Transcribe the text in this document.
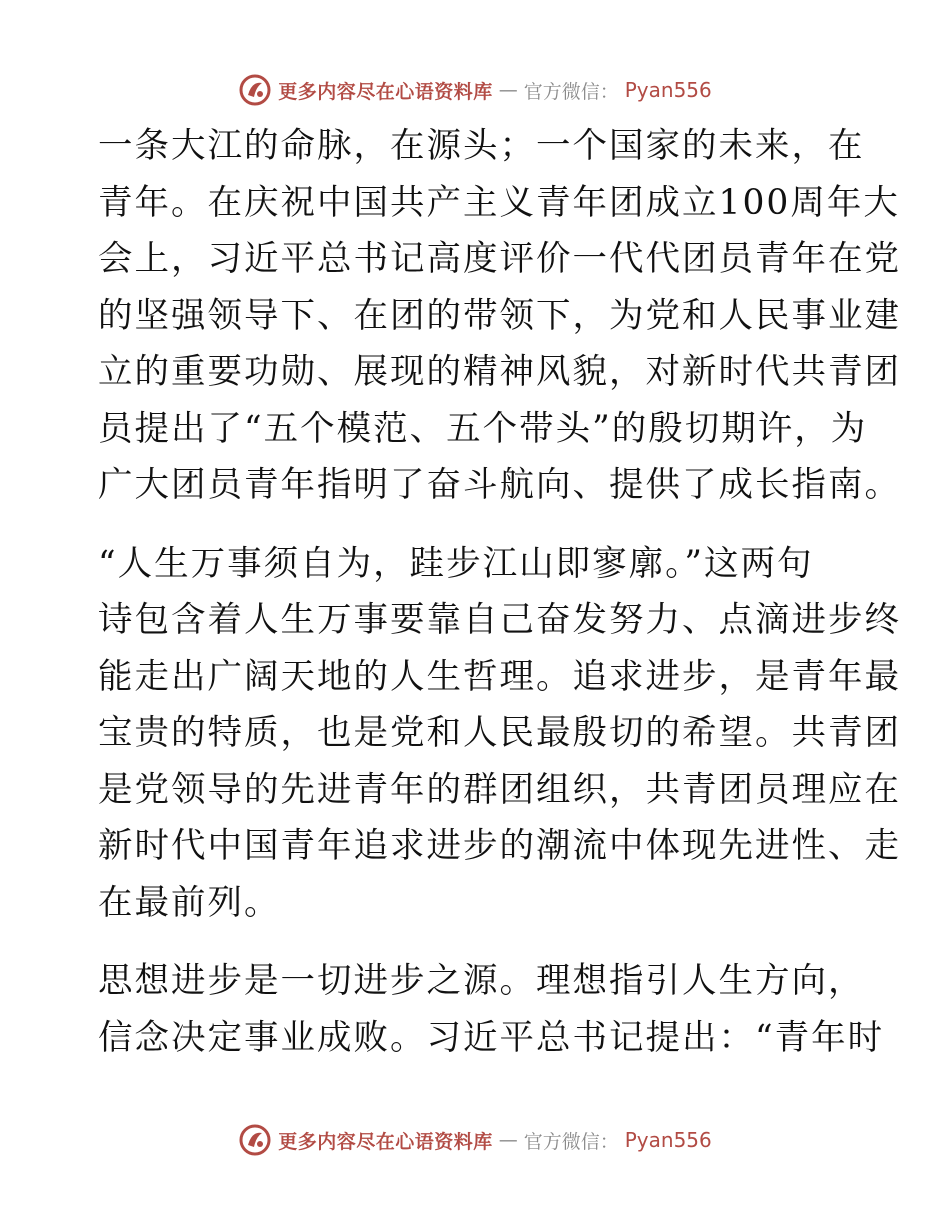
更多内容尽在心语资料库 — 官方微信： Pyan556
一条大江的命脉，在源头；一个国家的未来，在
青年。在庆祝中国共产主义青年团成立100周年大
会上，习近平总书记高度评价一代代团员青年在党
的坚强领导下、在团的带领下，为党和人民事业建
立的重要功勋、展现的精神风貌，对新时代共青团
员提出了“五个模范、五个带头”的殷切期许，为
广大团员青年指明了奋斗航向、提供了成长指南。
“人生万事须自为，跬步江山即寥廓。”这两句
诗包含着人生万事要靠自己奋发努力、点滴进步终
能走出广阔天地的人生哲理。追求进步，是青年最
宝贵的特质，也是党和人民最殷切的希望。共青团
是党领导的先进青年的群团组织，共青团员理应在
新时代中国青年追求进步的潮流中体现先进性、走
在最前列。
思想进步是一切进步之源。理想指引人生方向，
信念决定事业成败。习近平总书记提出：“青年时
更多内容尽在心语资料库 — 官方微信： Pyan556
